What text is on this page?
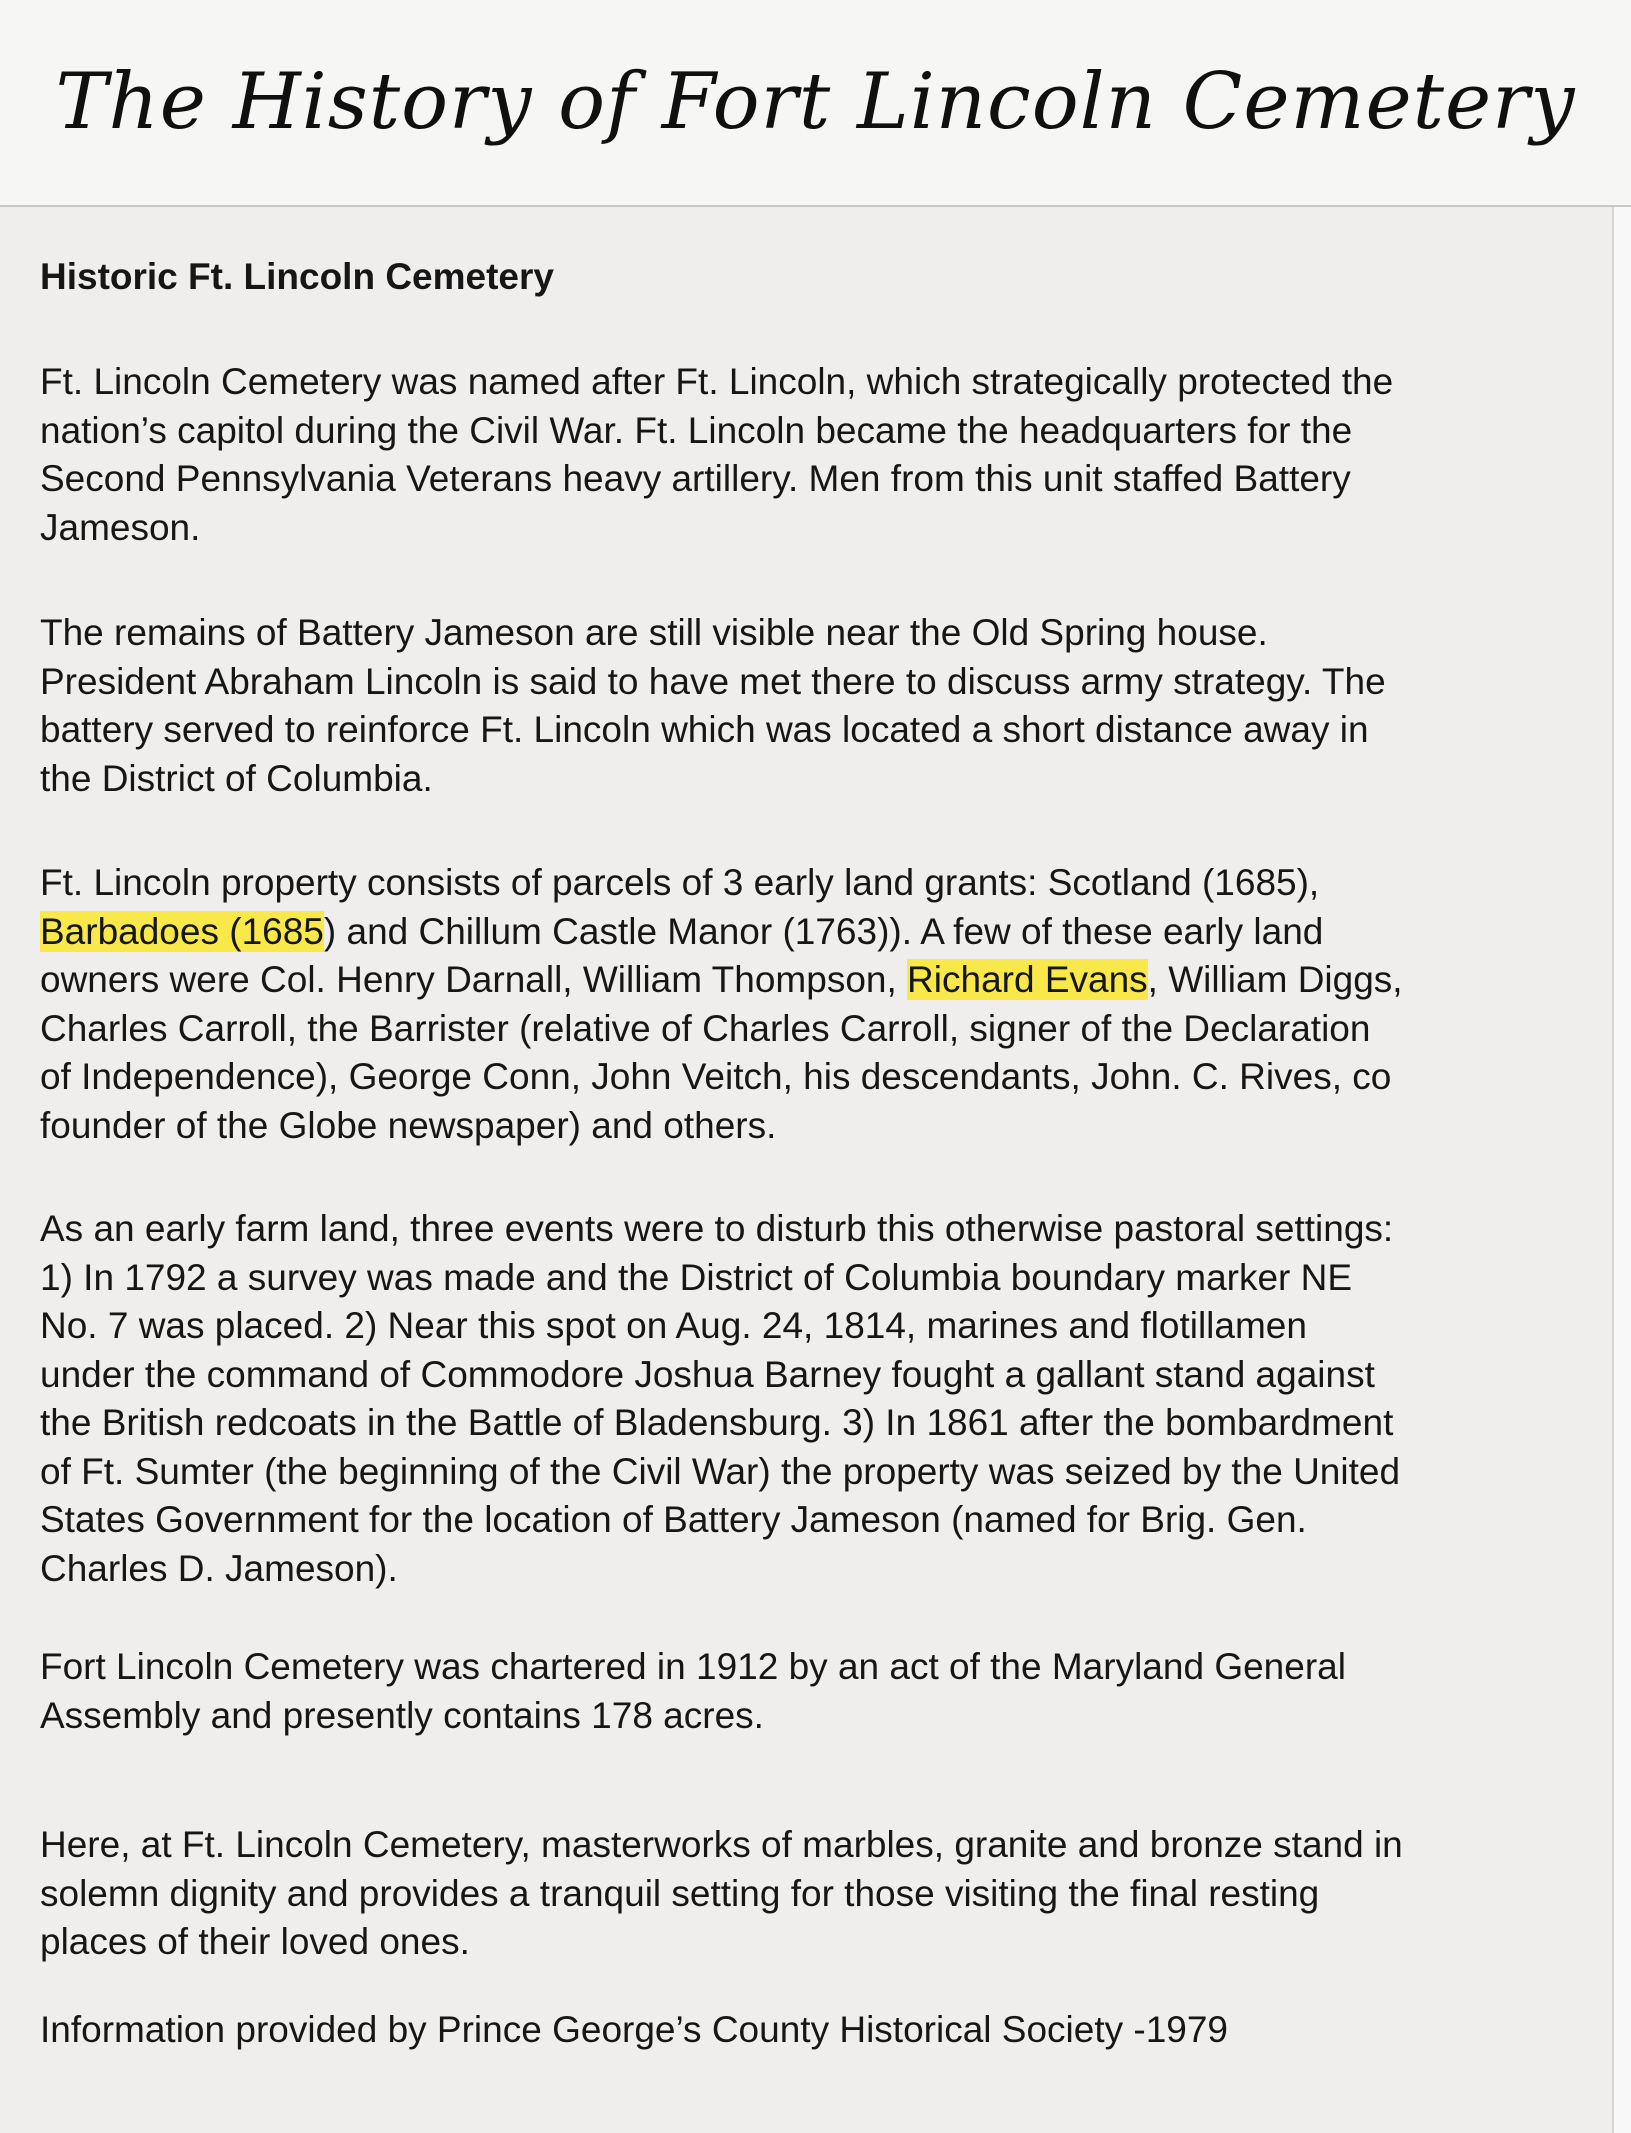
The History of Fort Lincoln Cemetery
Historic Ft. Lincoln Cemetery

Ft. Lincoln Cemetery was named after Ft. Lincoln, which strategically protected the
nation’s capitol during the Civil War. Ft. Lincoln became the headquarters for the
Second Pennsylvania Veterans heavy artillery. Men from this unit staffed Battery
Jameson.

The remains of Battery Jameson are still visible near the Old Spring house.
President Abraham Lincoln is said to have met there to discuss army strategy. The
battery served to reinforce Ft. Lincoln which was located a short distance away in
the District of Columbia.

Ft. Lincoln property consists of parcels of 3 early land grants: Scotland (1685),
Barbadoes (1685) and Chillum Castle Manor (1763)). A few of these early land
owners were Col. Henry Darnall, William Thompson, Richard Evans, William Diggs,
Charles Carroll, the Barrister (relative of Charles Carroll, signer of the Declaration
of Independence), George Conn, John Veitch, his descendants, John. C. Rives, co
founder of the Globe newspaper) and others.

As an early farm land, three events were to disturb this otherwise pastoral settings:
1) In 1792 a survey was made and the District of Columbia boundary marker NE
No. 7 was placed. 2) Near this spot on Aug. 24, 1814, marines and flotillamen
under the command of Commodore Joshua Barney fought a gallant stand against
the British redcoats in the Battle of Bladensburg. 3) In 1861 after the bombardment
of Ft. Sumter (the beginning of the Civil War) the property was seized by the United
States Government for the location of Battery Jameson (named for Brig. Gen.
Charles D. Jameson).

Fort Lincoln Cemetery was chartered in 1912 by an act of the Maryland General
Assembly and presently contains 178 acres.

Here, at Ft. Lincoln Cemetery, masterworks of marbles, granite and bronze stand in
solemn dignity and provides a tranquil setting for those visiting the final resting
places of their loved ones.

Information provided by Prince George’s County Historical Society -1979
